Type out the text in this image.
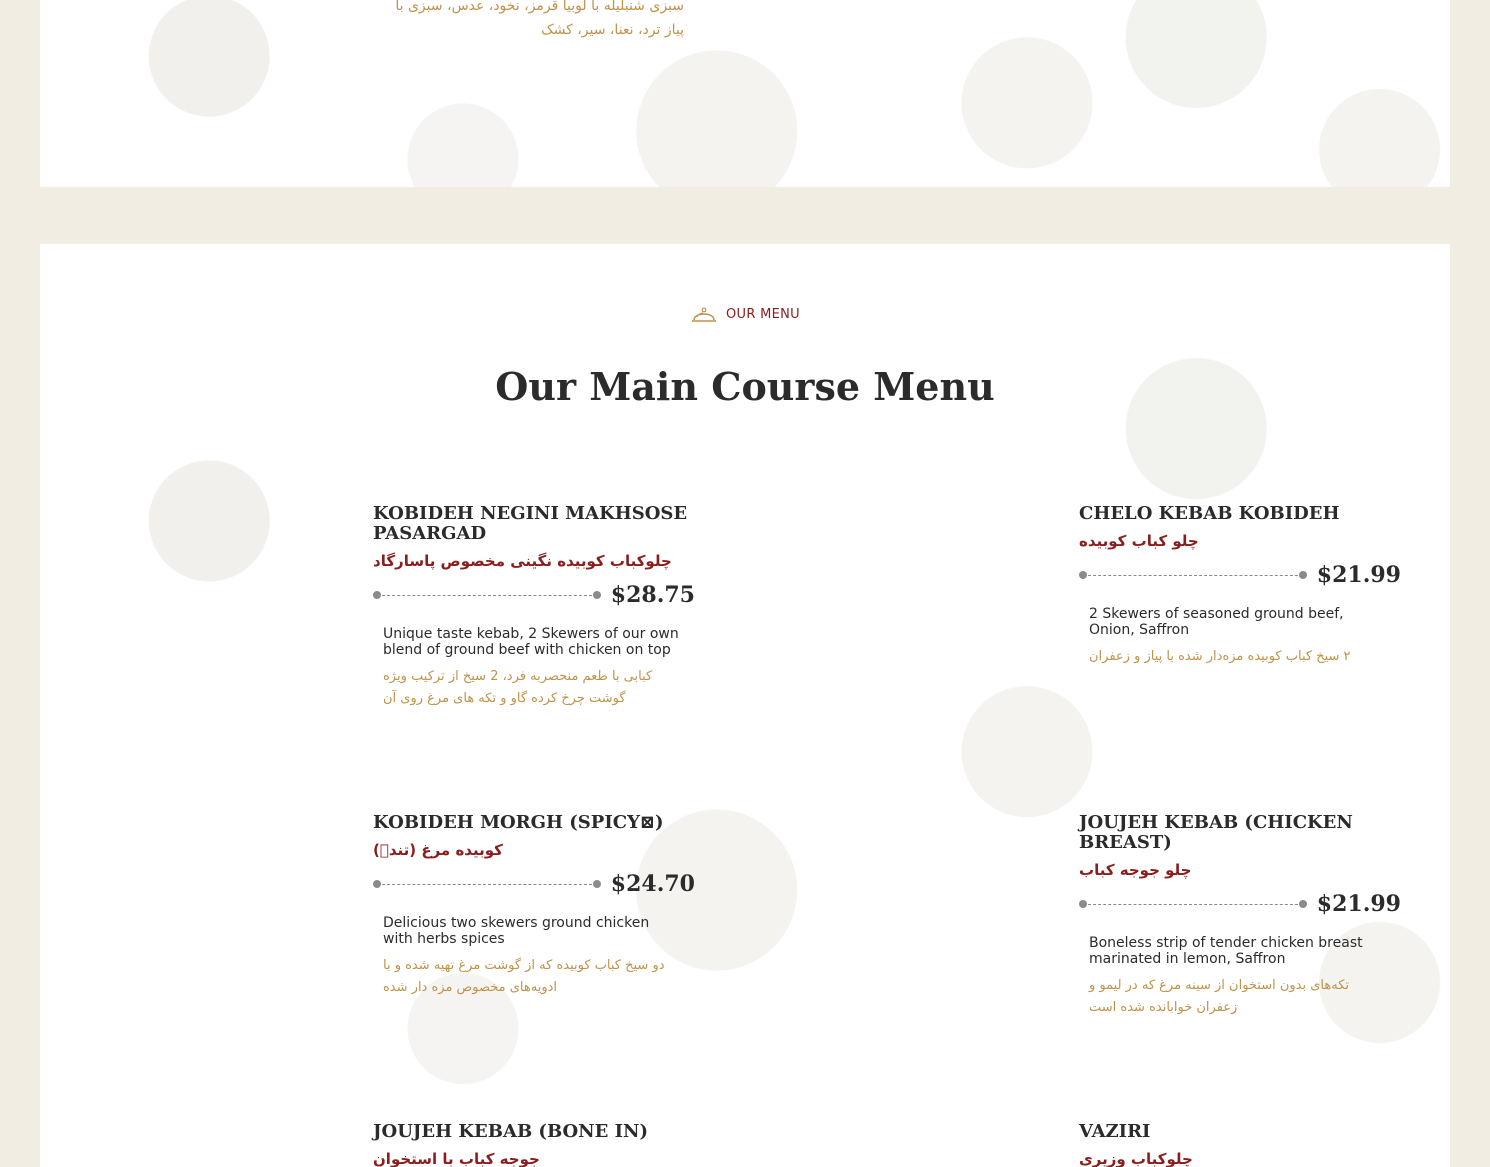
سبزی شنبلیله با لوبیا قرمز، نخود، عدس، سبزی با
پیاز ترد، نعنا، سیر، کشک
OUR MENU
Our Main Course Menu
KOBIDEH NEGINI MAKHSOSE PASARGAD
چلوکباب کوبیده نگینی مخصوص پاسارگاد
$28.75
Unique taste kebab, 2 Skewers of our own blend of ground beef with chicken on top
کبابی با طعم منحصربه فرد، 2 سیخ از ترکیب ویژه گوشت چرخ کرده گاو و تکه های مرغ روی آن
CHELO KEBAB KOBIDEH
چلو کباب کوبیده
$21.99
2 Skewers of seasoned ground beef, Onion, Saffron
۲ سیخ کباب کوبیده مزه‌دار شده با پیاز و زعفران
KOBIDEH MORGH (SPICY⊠)
کوبیده مرغ (تند⃞)
$24.70
Delicious two skewers ground chicken with herbs spices
دو سیخ کباب کوبیده که از گوشت مرغ تهیه شده و با ادویه‌های مخصوص مزه دار شده
JOUJEH KEBAB (CHICKEN BREAST)
چلو جوجه کباب
$21.99
Boneless strip of tender chicken breast marinated in lemon, Saffron
تکه‌های بدون استخوان از سینه مرغ که در لیمو و زعفران خوابانده شده است
JOUJEH KEBAB (BONE IN)
جوجه کباب با استخوان
VAZIRI
چلوکباب وزیری
